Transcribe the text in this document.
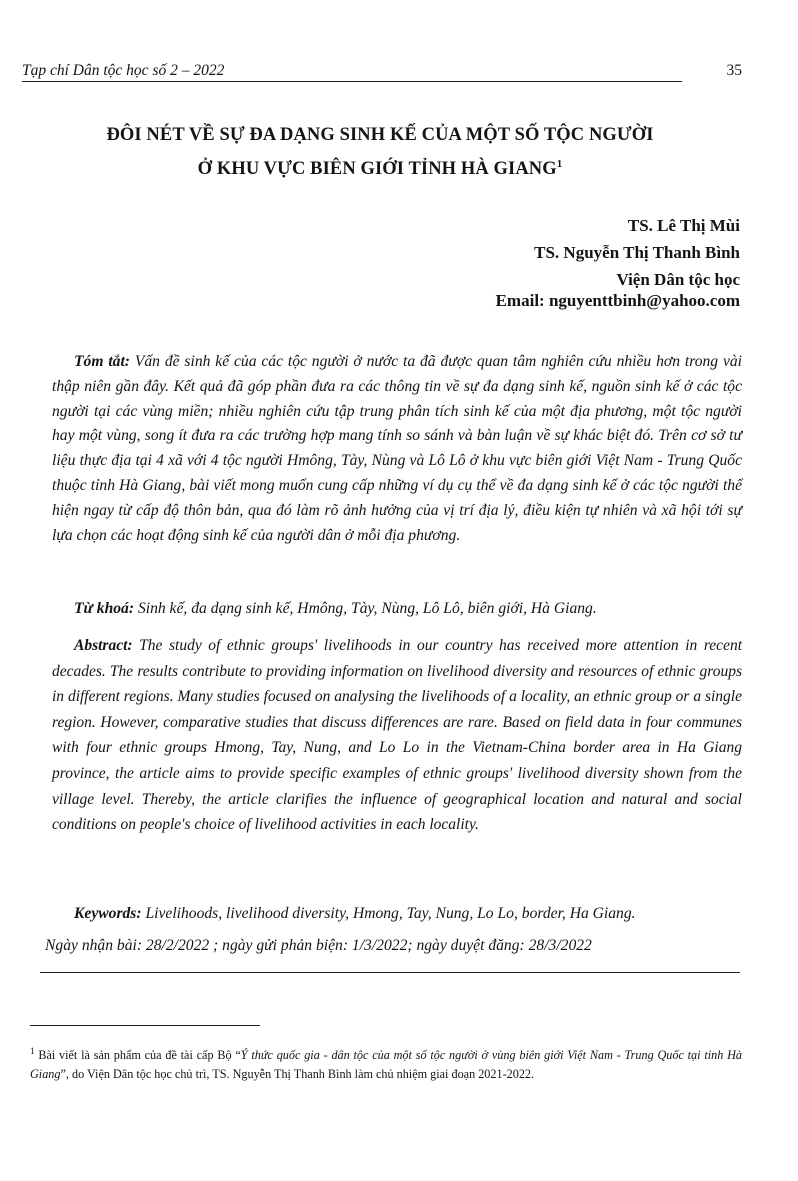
Tạp chí Dân tộc học số 2 – 2022	35
ĐÔI NÉT VỀ SỰ ĐA DẠNG SINH KẾ CỦA MỘT SỐ TỘC NGƯỜI
Ở KHU VỰC BIÊN GIỚI TỈNH HÀ GIANG$^1$
TS. Lê Thị Mùi
TS. Nguyễn Thị Thanh Bình
Viện Dân tộc học
Email: nguyenttbinh@yahoo.com
Tóm tắt: Vấn đề sinh kế của các tộc người ở nước ta đã được quan tâm nghiên cứu nhiều hơn trong vài thập niên gần đây. Kết quả đã góp phần đưa ra các thông tin về sự đa dạng sinh kế, nguồn sinh kế ở các tộc người tại các vùng miền; nhiều nghiên cứu tập trung phân tích sinh kế của một địa phương, một tộc người hay một vùng, song ít đưa ra các trường hợp mang tính so sánh và bàn luận về sự khác biệt đó. Trên cơ sở tư liệu thực địa tại 4 xã với 4 tộc người Hmông, Tày, Nùng và Lô Lô ở khu vực biên giới Việt Nam - Trung Quốc thuộc tỉnh Hà Giang, bài viết mong muốn cung cấp những ví dụ cụ thể về đa dạng sinh kế ở các tộc người thể hiện ngay từ cấp độ thôn bản, qua đó làm rõ ảnh hưởng của vị trí địa lý, điều kiện tự nhiên và xã hội tới sự lựa chọn các hoạt động sinh kế của người dân ở mỗi địa phương.
Từ khoá: Sinh kế, đa dạng sinh kế, Hmông, Tày, Nùng, Lô Lô, biên giới, Hà Giang.
Abstract: The study of ethnic groups' livelihoods in our country has received more attention in recent decades. The results contribute to providing information on livelihood diversity and resources of ethnic groups in different regions. Many studies focused on analysing the livelihoods of a locality, an ethnic group or a single region. However, comparative studies that discuss differences are rare. Based on field data in four communes with four ethnic groups Hmong, Tay, Nung, and Lo Lo in the Vietnam-China border area in Ha Giang province, the article aims to provide specific examples of ethnic groups' livelihood diversity shown from the village level. Thereby, the article clarifies the influence of geographical location and natural and social conditions on people's choice of livelihood activities in each locality.
Keywords: Livelihoods, livelihood diversity, Hmong, Tay, Nung, Lo Lo, border, Ha Giang.
Ngày nhận bài: 28/2/2022 ; ngày gửi phản biện: 1/3/2022; ngày duyệt đăng: 28/3/2022
$^1$ Bài viết là sản phẩm của đề tài cấp Bộ “Ý thức quốc gia - dân tộc của một số tộc người ở vùng biên giới Việt Nam - Trung Quốc tại tỉnh Hà Giang”, do Viện Dân tộc học chủ trì, TS. Nguyễn Thị Thanh Bình làm chủ nhiệm giai đoạn 2021-2022.
